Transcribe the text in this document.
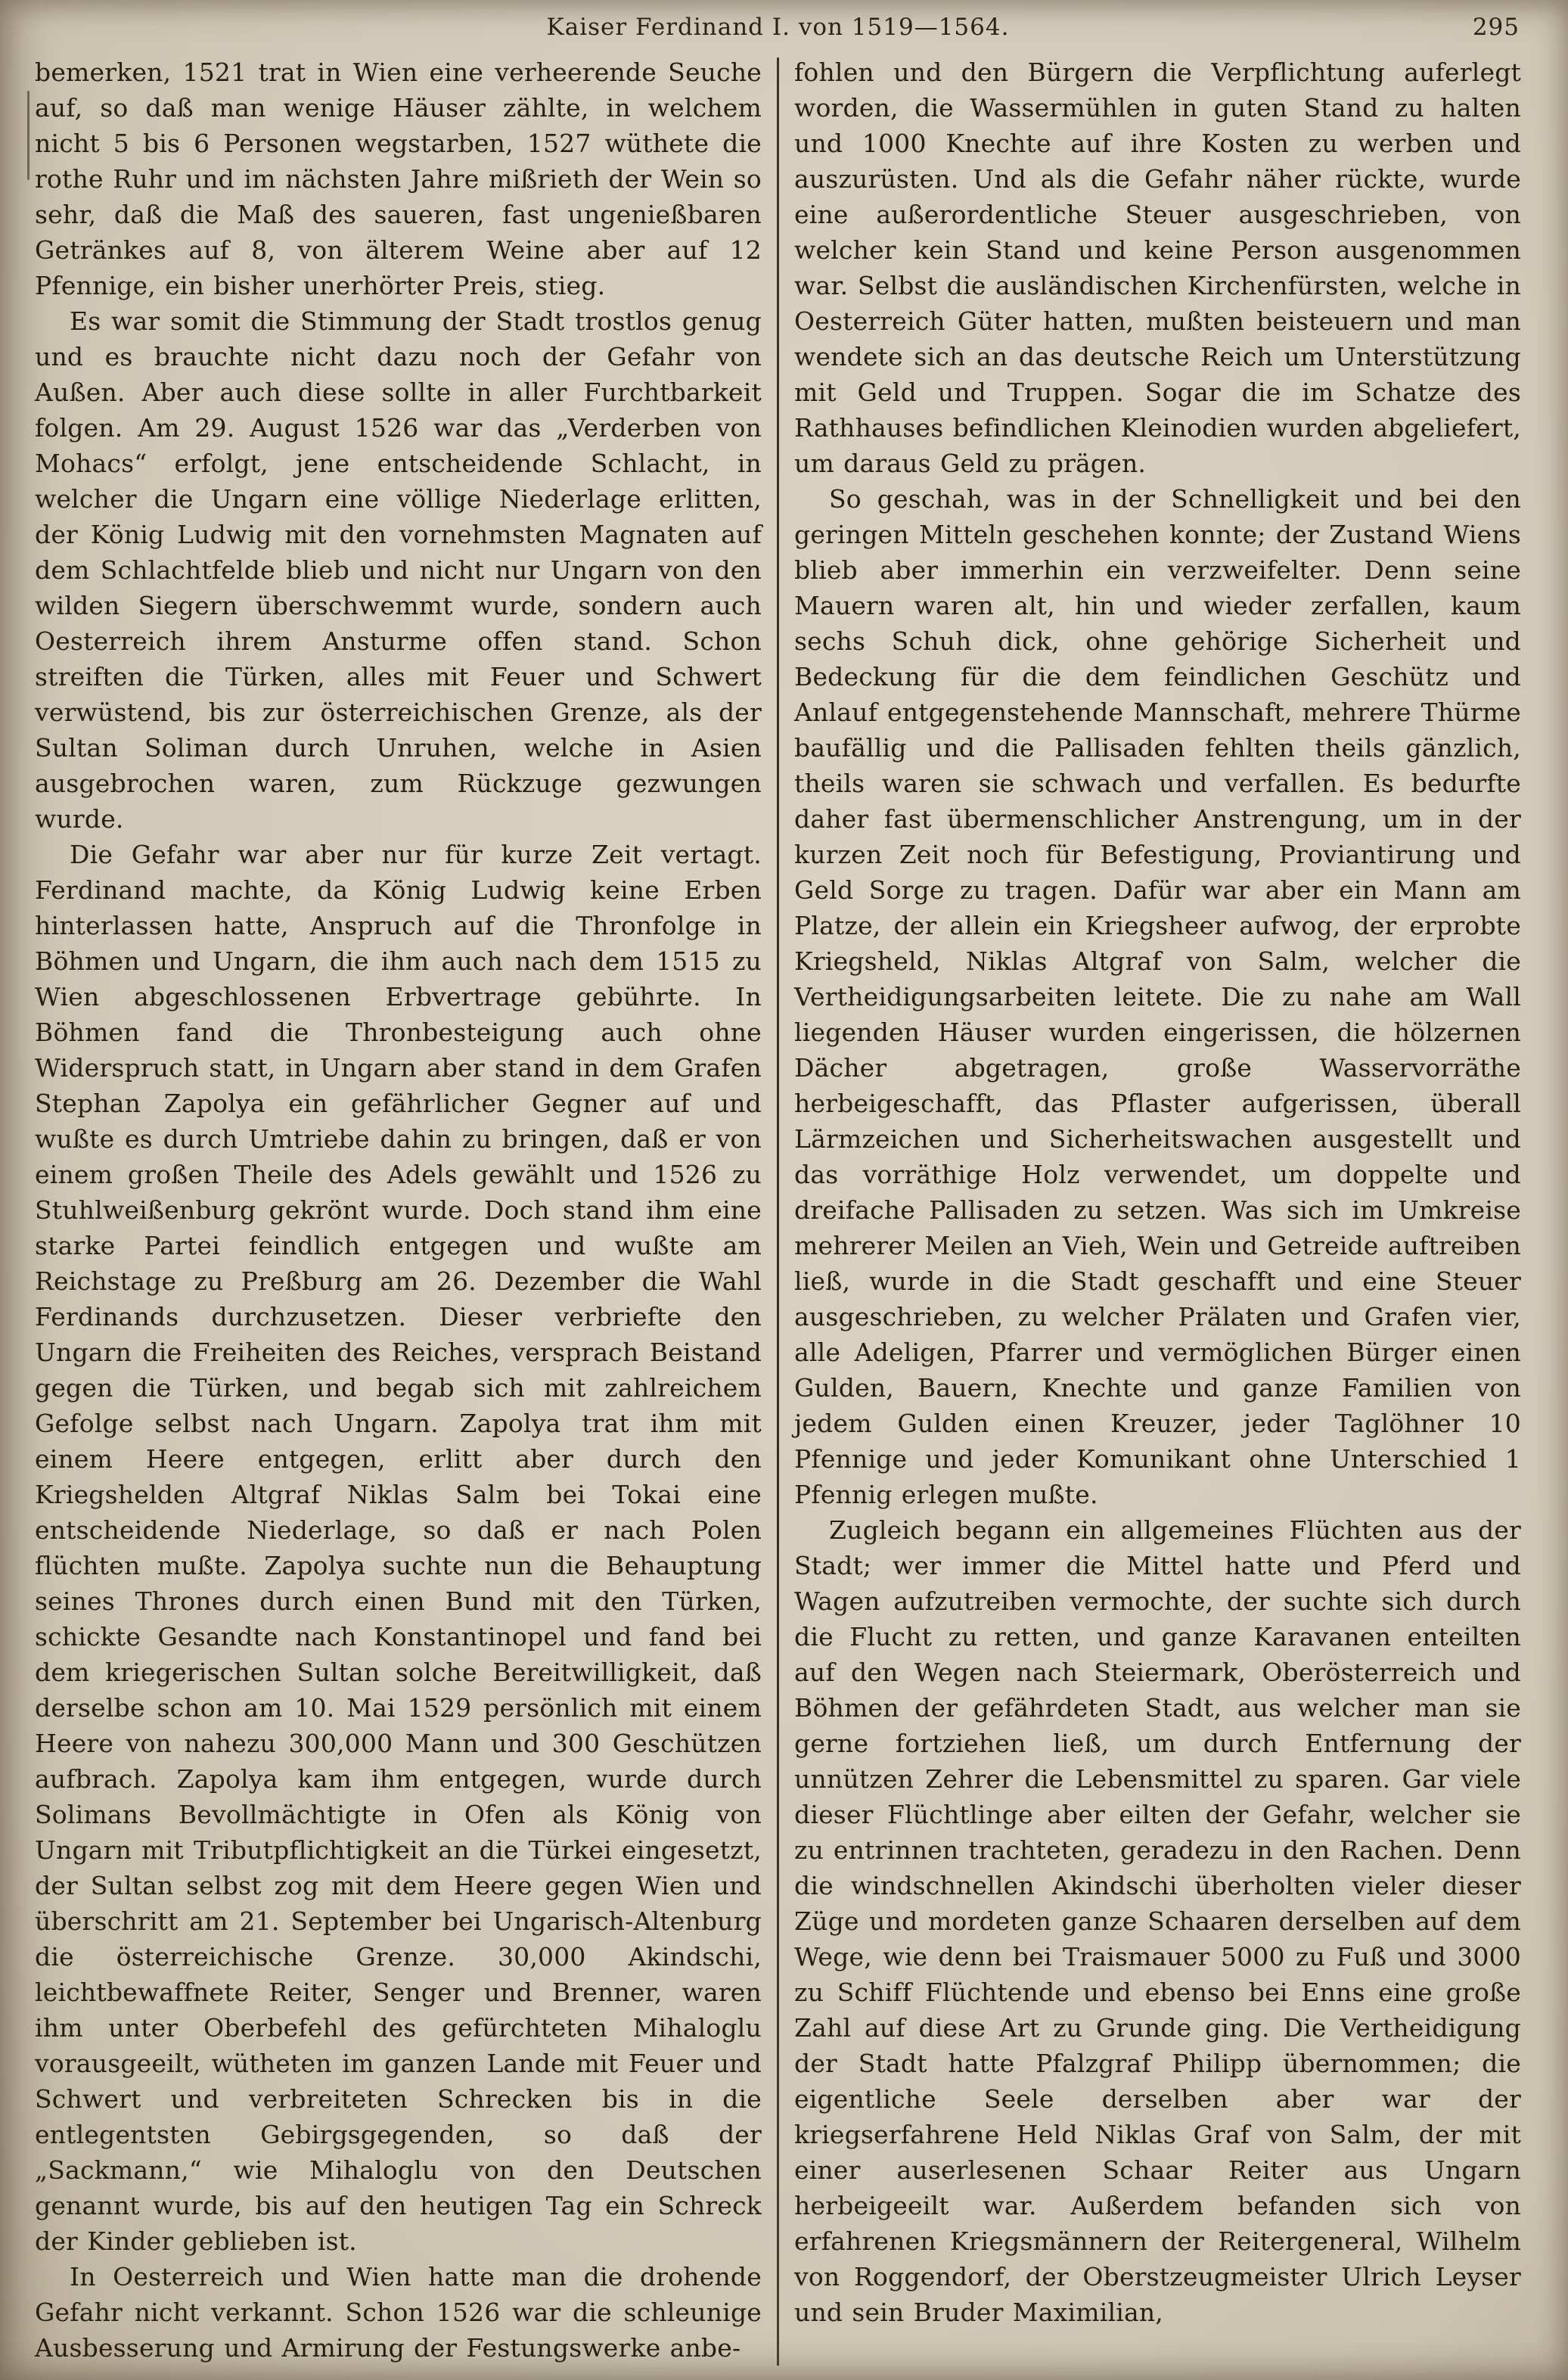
Kaiser Ferdinand I. von 1519—1564.	295

bemerken, 1521 trat in Wien eine verheerende Seuche auf, so daß man wenige Häuser zählte, in welchem nicht 5 bis 6 Personen wegstarben, 1527 wüthete die rothe Ruhr und im nächsten Jahre mißrieth der Wein so sehr, daß die Maß des saueren, fast ungenießbaren Getränkes auf 8, von älterem Weine aber auf 12 Pfennige, ein bisher unerhörter Preis, stieg.

Es war somit die Stimmung der Stadt trostlos genug und es brauchte nicht dazu noch der Gefahr von Außen. Aber auch diese sollte in aller Furchtbarkeit folgen. Am 29. August 1526 war das „Verderben von Mohacs“ erfolgt, jene entscheidende Schlacht, in welcher die Ungarn eine völlige Niederlage erlitten, der König Ludwig mit den vornehmsten Magnaten auf dem Schlachtfelde blieb und nicht nur Ungarn von den wilden Siegern überschwemmt wurde, sondern auch Oesterreich ihrem Ansturme offen stand. Schon streiften die Türken, alles mit Feuer und Schwert verwüstend, bis zur österreichischen Grenze, als der Sultan Soliman durch Unruhen, welche in Asien ausgebrochen waren, zum Rückzuge gezwungen wurde.

Die Gefahr war aber nur für kurze Zeit vertagt. Ferdinand machte, da König Ludwig keine Erben hinterlassen hatte, Anspruch auf die Thronfolge in Böhmen und Ungarn, die ihm auch nach dem 1515 zu Wien abgeschlossenen Erbvertrage gebührte. In Böhmen fand die Thronbesteigung auch ohne Widerspruch statt, in Ungarn aber stand in dem Grafen Stephan Zapolya ein gefährlicher Gegner auf und wußte es durch Umtriebe dahin zu bringen, daß er von einem großen Theile des Adels gewählt und 1526 zu Stuhlweißenburg gekrönt wurde. Doch stand ihm eine starke Partei feindlich entgegen und wußte am Reichstage zu Preßburg am 26. Dezember die Wahl Ferdinands durchzusetzen. Dieser verbriefte den Ungarn die Freiheiten des Reiches, versprach Beistand gegen die Türken, und begab sich mit zahlreichem Gefolge selbst nach Ungarn. Zapolya trat ihm mit einem Heere entgegen, erlitt aber durch den Kriegshelden Altgraf Niklas Salm bei Tokai eine entscheidende Niederlage, so daß er nach Polen flüchten mußte. Zapolya suchte nun die Behauptung seines Thrones durch einen Bund mit den Türken, schickte Gesandte nach Konstantinopel und fand bei dem kriegerischen Sultan solche Bereitwilligkeit, daß derselbe schon am 10. Mai 1529 persönlich mit einem Heere von nahezu 300,000 Mann und 300 Geschützen aufbrach. Zapolya kam ihm entgegen, wurde durch Solimans Bevollmächtigte in Ofen als König von Ungarn mit Tributpflichtigkeit an die Türkei eingesetzt, der Sultan selbst zog mit dem Heere gegen Wien und überschritt am 21. September bei Ungarisch-Altenburg die österreichische Grenze. 30,000 Akindschi, leichtbewaffnete Reiter, Senger und Brenner, waren ihm unter Oberbefehl des gefürchteten Mihaloglu vorausgeeilt, wütheten im ganzen Lande mit Feuer und Schwert und verbreiteten Schrecken bis in die entlegentsten Gebirgsgegenden, so daß der „Sackmann,“ wie Mihaloglu von den Deutschen genannt wurde, bis auf den heutigen Tag ein Schreck der Kinder geblieben ist.

In Oesterreich und Wien hatte man die drohende Gefahr nicht verkannt. Schon 1526 war die schleunige Ausbesserung und Armirung der Festungswerke anbe-

fohlen und den Bürgern die Verpflichtung auferlegt worden, die Wassermühlen in guten Stand zu halten und 1000 Knechte auf ihre Kosten zu werben und auszurüsten. Und als die Gefahr näher rückte, wurde eine außerordentliche Steuer ausgeschrieben, von welcher kein Stand und keine Person ausgenommen war. Selbst die ausländischen Kirchenfürsten, welche in Oesterreich Güter hatten, mußten beisteuern und man wendete sich an das deutsche Reich um Unterstützung mit Geld und Truppen. Sogar die im Schatze des Rathhauses befindlichen Kleinodien wurden abgeliefert, um daraus Geld zu prägen.

So geschah, was in der Schnelligkeit und bei den geringen Mitteln geschehen konnte; der Zustand Wiens blieb aber immerhin ein verzweifelter. Denn seine Mauern waren alt, hin und wieder zerfallen, kaum sechs Schuh dick, ohne gehörige Sicherheit und Bedeckung für die dem feindlichen Geschütz und Anlauf entgegenstehende Mannschaft, mehrere Thürme baufällig und die Pallisaden fehlten theils gänzlich, theils waren sie schwach und verfallen. Es bedurfte daher fast übermenschlicher Anstrengung, um in der kurzen Zeit noch für Befestigung, Proviantirung und Geld Sorge zu tragen. Dafür war aber ein Mann am Platze, der allein ein Kriegsheer aufwog, der erprobte Kriegsheld, Niklas Altgraf von Salm, welcher die Vertheidigungsarbeiten leitete. Die zu nahe am Wall liegenden Häuser wurden eingerissen, die hölzernen Dächer abgetragen, große Wasservorräthe herbeigeschafft, das Pflaster aufgerissen, überall Lärmzeichen und Sicherheitswachen ausgestellt und das vorräthige Holz verwendet, um doppelte und dreifache Pallisaden zu setzen. Was sich im Umkreise mehrerer Meilen an Vieh, Wein und Getreide auftreiben ließ, wurde in die Stadt geschafft und eine Steuer ausgeschrieben, zu welcher Prälaten und Grafen vier, alle Adeligen, Pfarrer und vermöglichen Bürger einen Gulden, Bauern, Knechte und ganze Familien von jedem Gulden einen Kreuzer, jeder Taglöhner 10 Pfennige und jeder Komunikant ohne Unterschied 1 Pfennig erlegen mußte.

Zugleich begann ein allgemeines Flüchten aus der Stadt; wer immer die Mittel hatte und Pferd und Wagen aufzutreiben vermochte, der suchte sich durch die Flucht zu retten, und ganze Karavanen enteilten auf den Wegen nach Steiermark, Oberösterreich und Böhmen der gefährdeten Stadt, aus welcher man sie gerne fortziehen ließ, um durch Entfernung der unnützen Zehrer die Lebensmittel zu sparen. Gar viele dieser Flüchtlinge aber eilten der Gefahr, welcher sie zu entrinnen trachteten, geradezu in den Rachen. Denn die windschnellen Akindschi überholten vieler dieser Züge und mordeten ganze Schaaren derselben auf dem Wege, wie denn bei Traismauer 5000 zu Fuß und 3000 zu Schiff Flüchtende und ebenso bei Enns eine große Zahl auf diese Art zu Grunde ging. Die Vertheidigung der Stadt hatte Pfalzgraf Philipp übernommen; die eigentliche Seele derselben aber war der kriegserfahrene Held Niklas Graf von Salm, der mit einer auserlesenen Schaar Reiter aus Ungarn herbeigeeilt war. Außerdem befanden sich von erfahrenen Kriegsmännern der Reitergeneral, Wilhelm von Roggendorf, der Oberstzeugmeister Ulrich Leyser und sein Bruder Maximilian,
